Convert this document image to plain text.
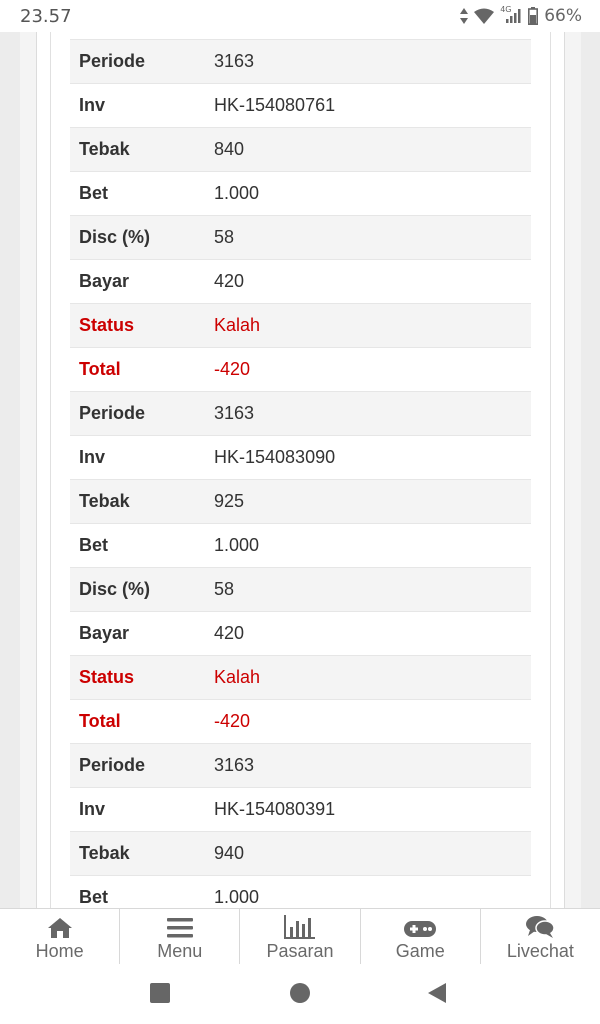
23.57	4G 66%
Periode	3163
Inv	HK-154080761
Tebak	840
Bet	1.000
Disc (%)	58
Bayar	420
Status	Kalah
Total	-420
Periode	3163
Inv	HK-154083090
Tebak	925
Bet	1.000
Disc (%)	58
Bayar	420
Status	Kalah
Total	-420
Periode	3163
Inv	HK-154080391
Tebak	940
Bet	1.000
Home	Menu	Pasaran	Game	Livechat
